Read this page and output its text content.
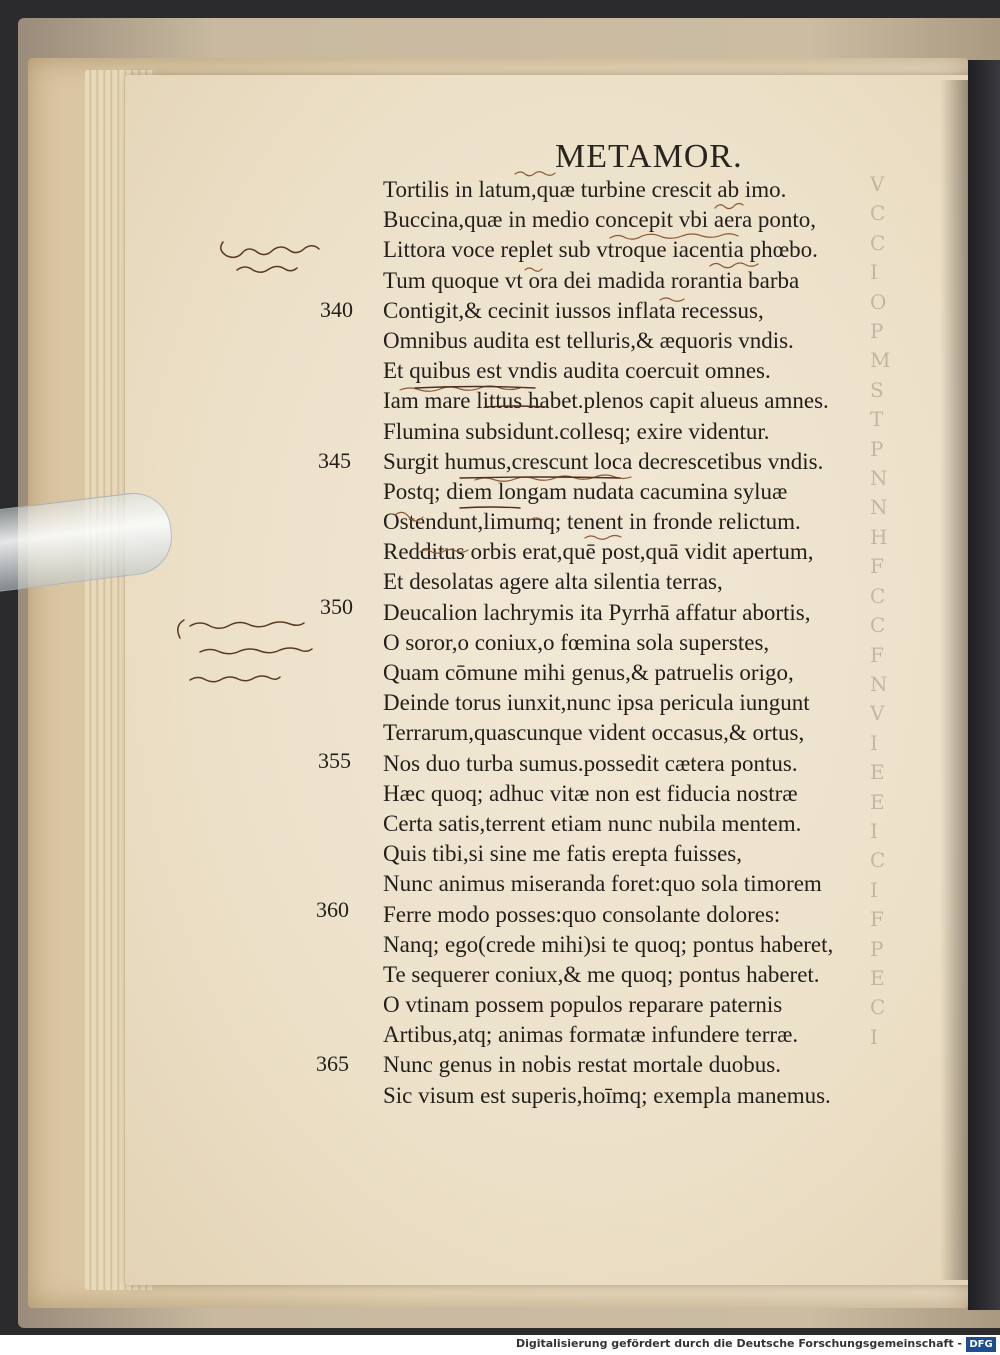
V
C
C
I
O
P
M
S
T
P
N
N
H
F
C
C
F
N
V
I
E
E
I
C
I
F
P
E
C
I
METAMOR.
Tortilis in latum,quæ turbine crescit ab imo.
Buccina,quæ in medio concepit vbi aera ponto,
Littora voce replet sub vtroque iacentia phœbo.
Tum quoque vt ora dei madida rorantia barba
Contigit,& cecinit iussos inflata recessus,
Omnibus audita est telluris,& æquoris vndis.
Et quibus est vndis audita coercuit omnes.
Iam mare littus habet.plenos capit alueus amnes.
Flumina subsidunt.collesq; exire videntur.
Surgit humus,crescunt loca decrescetibus vndis.
Postq; diem longam nudata cacumina syluæ
Ostendunt,limumq; tenent in fronde relictum.
Redditus orbis erat,quē post,quā vidit apertum,
Et desolatas agere alta silentia terras,
Deucalion lachrymis ita Pyrrhā affatur abortis,
O soror,o coniux,o fœmina sola superstes,
Quam cōmune mihi genus,& patruelis origo,
Deinde torus iunxit,nunc ipsa pericula iungunt
Terrarum,quascunque vident occasus,& ortus,
Nos duo turba sumus.possedit cætera pontus.
Hæc quoq; adhuc vitæ non est fiducia nostræ
Certa satis,terrent etiam nunc nubila mentem.
Quis tibi,si sine me fatis erepta fuisses,
Nunc animus miseranda foret:quo sola timorem
Ferre modo posses:quo consolante dolores:
Nanq; ego(crede mihi)si te quoq; pontus haberet,
Te sequerer coniux,& me quoq; pontus haberet.
O vtinam possem populos reparare paternis
Artibus,atq; animas formatæ infundere terræ.
Nunc genus in nobis restat mortale duobus.
Sic visum est superis,hoīmq; exempla manemus.
340
345
350
355
360
365
Digitalisierung gefördert durch die Deutsche Forschungsgemeinschaft - DFG
